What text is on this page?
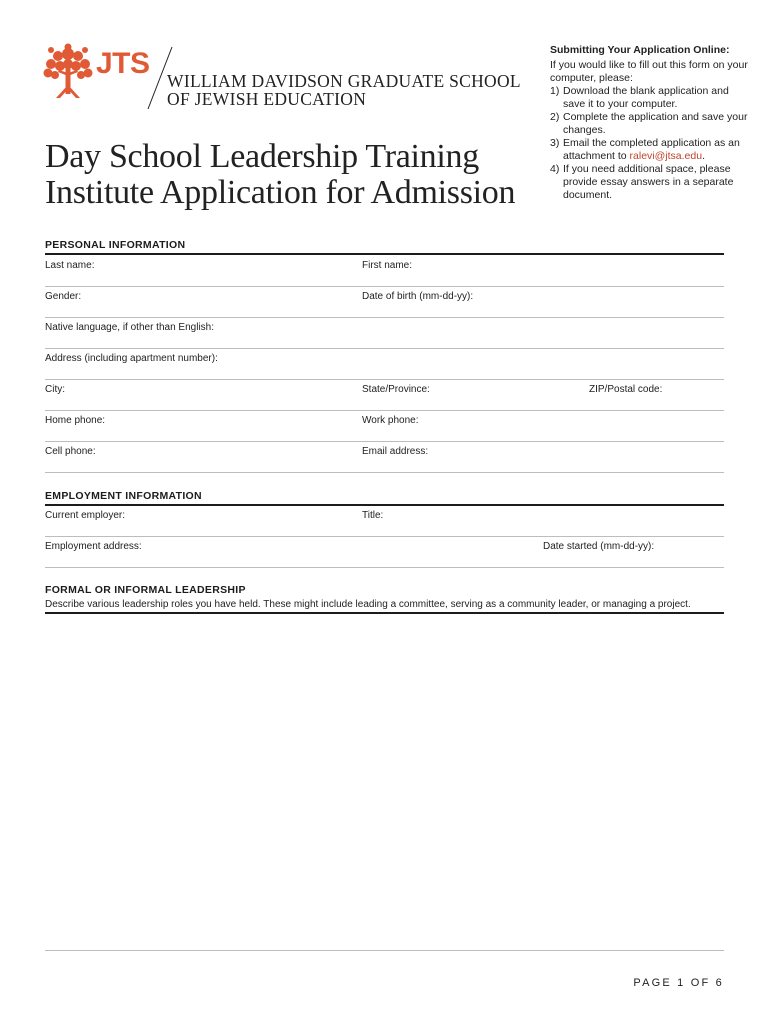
JTS
WILLIAM DAVIDSON GRADUATE SCHOOL
OF JEWISH EDUCATION
Day School Leadership Training
Institute Application for Admission
Submitting Your Application Online:

If you would like to fill out this form on your computer, please:

1) Download the blank application and save it to your computer.
2) Complete the application and save your changes.
3) Email the completed application as an attachment to ralevi@jtsa.edu.
4) If you need additional space, please provide essay answers in a separate document.
PERSONAL INFORMATION
Last name:	First name:
Gender:	Date of birth (mm-dd-yy):
Native language, if other than English:
Address (including apartment number):
City:	State/Province:	ZIP/Postal code:
Home phone:	Work phone:
Cell phone:	Email address:
EMPLOYMENT INFORMATION
Current employer:	Title:
Employment address:	Date started (mm-dd-yy):
FORMAL OR INFORMAL LEADERSHIP
Describe various leadership roles you have held. These might include leading a committee, serving as a community leader, or managing a project.
PAGE 1 OF 6
